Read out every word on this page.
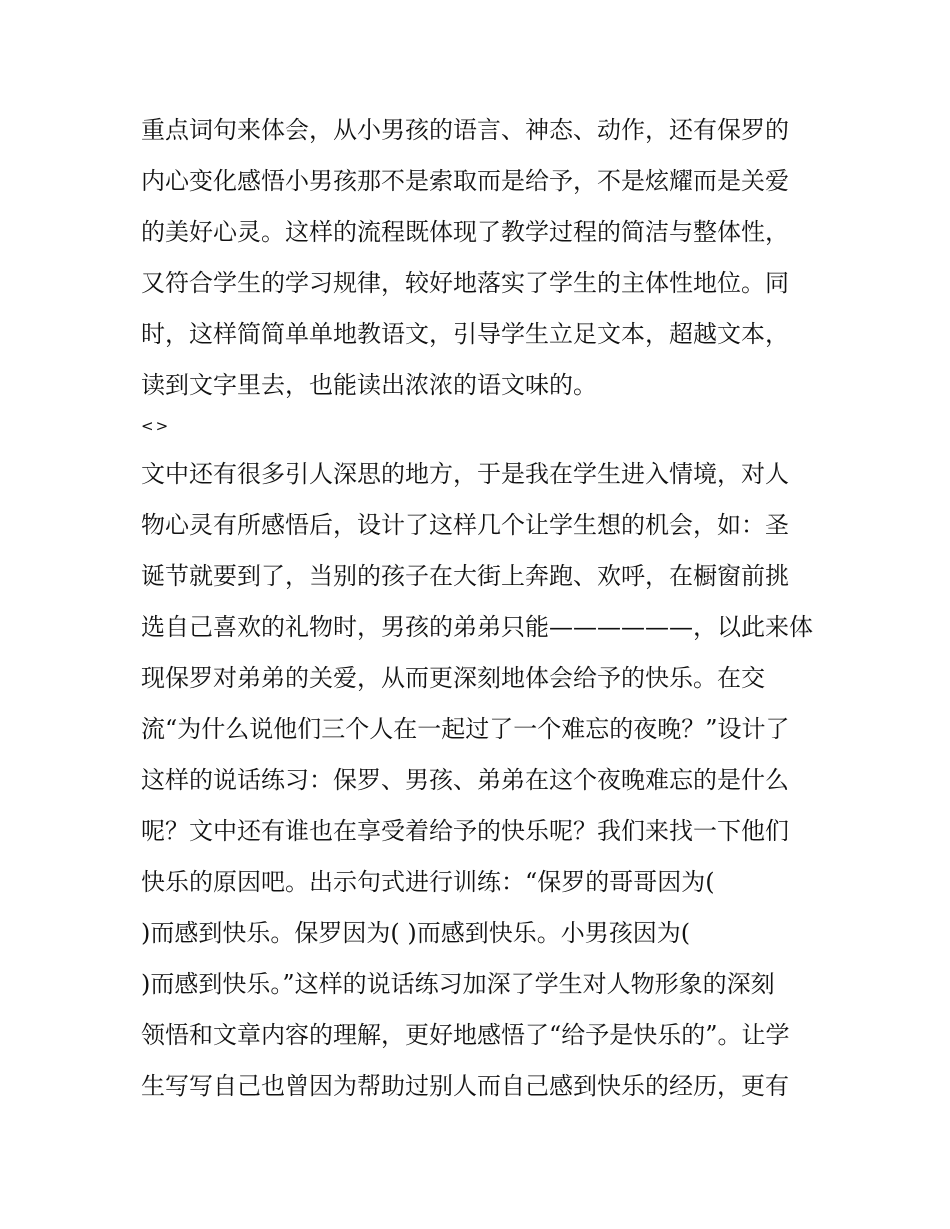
重点词句来体会，从小男孩的语言、神态、动作，还有保罗的
内心变化感悟小男孩那不是索取而是给予，不是炫耀而是关爱
的美好心灵。这样的流程既体现了教学过程的简洁与整体性，
又符合学生的学习规律，较好地落实了学生的主体性地位。同
时，这样简简单单地教语文，引导学生立足文本，超越文本，
读到文字里去，也能读出浓浓的语文味的。
<>
文中还有很多引人深思的地方，于是我在学生进入情境，对人
物心灵有所感悟后，设计了这样几个让学生想的机会，如：圣
诞节就要到了，当别的孩子在大街上奔跑、欢呼，在橱窗前挑
选自己喜欢的礼物时，男孩的弟弟只能——————，以此来体
现保罗对弟弟的关爱，从而更深刻地体会给予的快乐。在交
流“为什么说他们三个人在一起过了一个难忘的夜晚？”设计了
这样的说话练习：保罗、男孩、弟弟在这个夜晚难忘的是什么
呢？文中还有谁也在享受着给予的快乐呢？我们来找一下他们
快乐的原因吧。出示句式进行训练：“保罗的哥哥因为(
)而感到快乐。保罗因为( )而感到快乐。小男孩因为(
)而感到快乐。”这样的说话练习加深了学生对人物形象的深刻
领悟和文章内容的理解，更好地感悟了“给予是快乐的”。让学
生写写自己也曾因为帮助过别人而自己感到快乐的经历，更有
